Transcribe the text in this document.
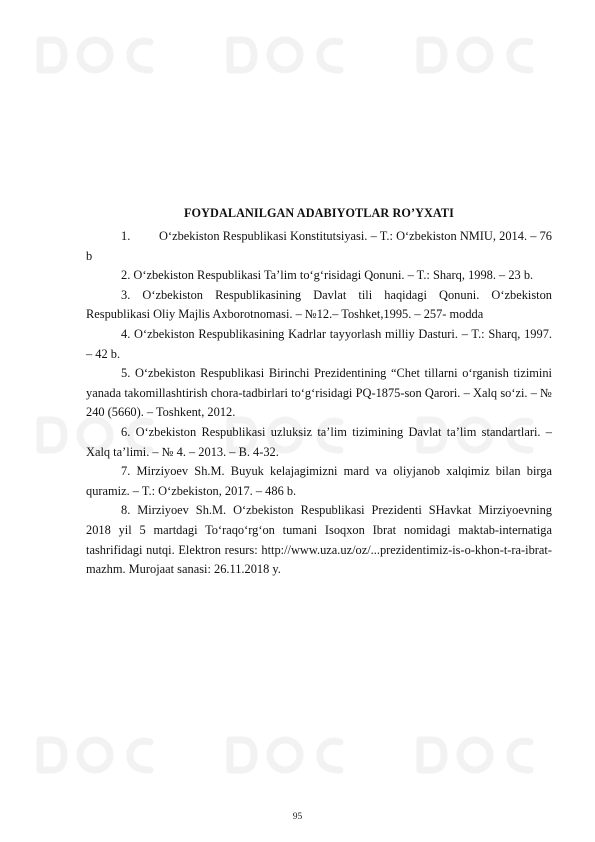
FOYDALANILGAN ADABIYOTLAR RO’YXATI

1. O‘zbekiston Respublikasi Konstitutsiyasi. – T.: O‘zbekiston NMIU, 2014. – 76 b

2. O‘zbekiston Respublikasi Ta’lim to‘g‘risidagi Qonuni. – T.: Sharq, 1998. – 23 b.

3. O‘zbekiston Respublikasining Davlat tili haqidagi Qonuni. O‘zbekiston Respublikasi Oliy Majlis Axborotnomasi. – №12.– Toshket,1995. – 257- modda

4. O‘zbekiston Respublikasining Kadrlar tayyorlash milliy Dasturi. – T.: Sharq, 1997. – 42 b.

5. O‘zbekiston Respublikasi Birinchi Prezidentining “Chet tillarni o‘rganish tizimini yanada takomillashtirish chora-tadbirlari to‘g‘risidagi PQ-1875-son Qarori. – Xalq so‘zi. – № 240 (5660). – Toshkent, 2012.

6. O‘zbekiston Respublikasi uzluksiz ta’lim tizimining Davlat ta’lim standartlari. – Xalq ta’limi. – № 4. – 2013. – B. 4-32.

7. Mirziyoev Sh.M. Buyuk kelajagimizni mard va oliyjanob xalqimiz bilan birga quramiz. – T.: O‘zbekiston, 2017. – 486 b.

8. Mirziyoev Sh.M. O‘zbekiston Respublikasi Prezidenti SHavkat Mirziyoevning 2018 yil 5 martdagi To‘raqo‘rg‘on tumani Isoqxon Ibrat nomidagi maktab-internatiga tashrifidagi nutqi. Elektron resurs: http://www.uza.uz/oz/...prezidentimiz-is-o-khon-t-ra-ibrat-mazhm. Murojaat sanasi: 26.11.2018 y.

95
